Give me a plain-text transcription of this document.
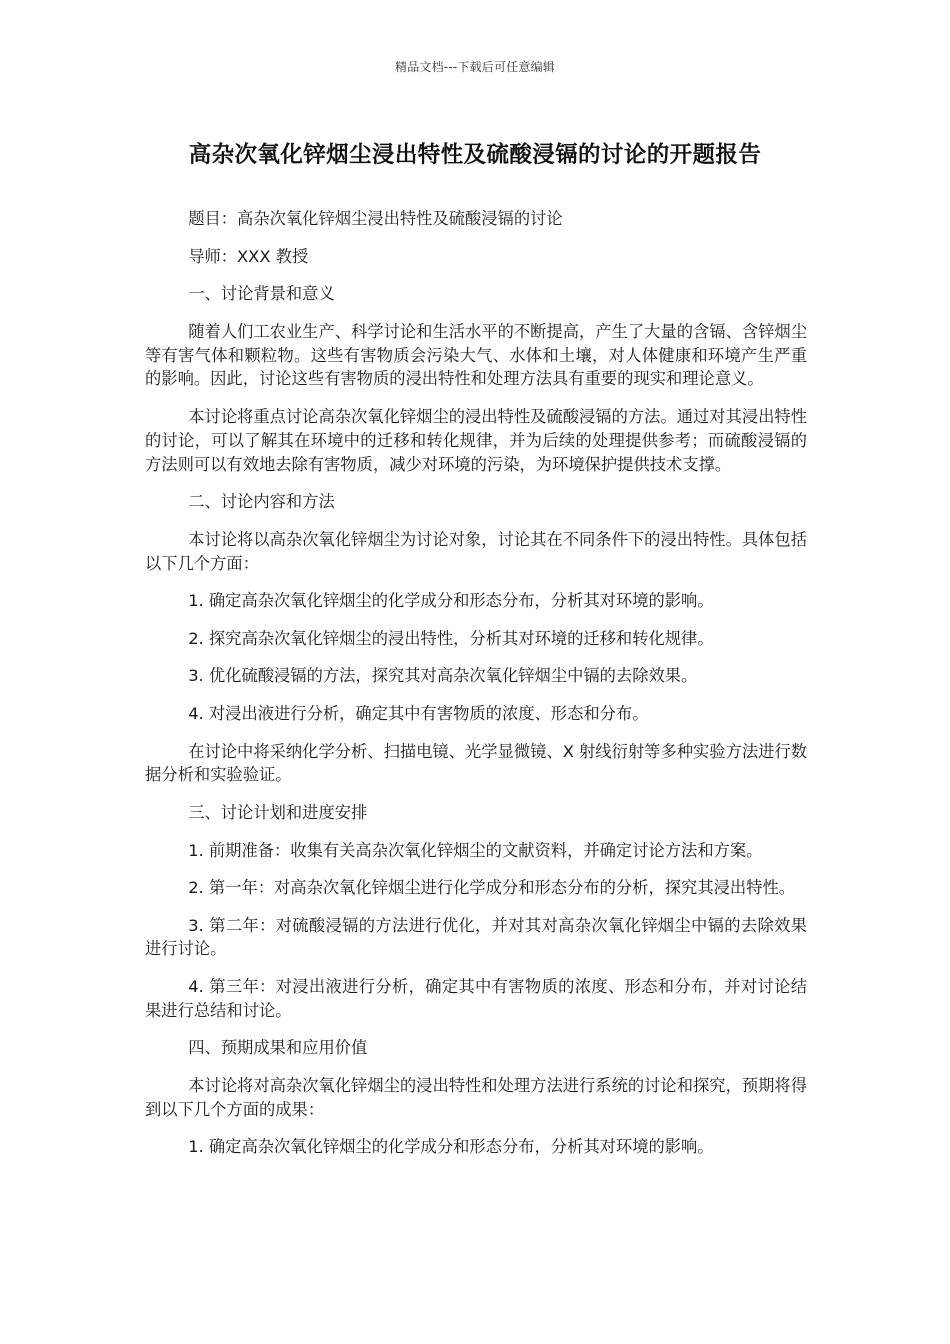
精品文档---下载后可任意编辑
高杂次氧化锌烟尘浸出特性及硫酸浸镉的讨论的开题报告

题目：高杂次氧化锌烟尘浸出特性及硫酸浸镉的讨论

导师：XXX 教授

一、讨论背景和意义

随着人们工农业生产、科学讨论和生活水平的不断提高，产生了大量的含镉、含锌烟尘等有害气体和颗粒物。这些有害物质会污染大气、水体和土壤，对人体健康和环境产生严重的影响。因此，讨论这些有害物质的浸出特性和处理方法具有重要的现实和理论意义。

本讨论将重点讨论高杂次氧化锌烟尘的浸出特性及硫酸浸镉的方法。通过对其浸出特性的讨论，可以了解其在环境中的迁移和转化规律，并为后续的处理提供参考；而硫酸浸镉的方法则可以有效地去除有害物质，减少对环境的污染，为环境保护提供技术支撑。

二、讨论内容和方法

本讨论将以高杂次氧化锌烟尘为讨论对象，讨论其在不同条件下的浸出特性。具体包括以下几个方面：

1. 确定高杂次氧化锌烟尘的化学成分和形态分布，分析其对环境的影响。

2. 探究高杂次氧化锌烟尘的浸出特性，分析其对环境的迁移和转化规律。

3. 优化硫酸浸镉的方法，探究其对高杂次氧化锌烟尘中镉的去除效果。

4. 对浸出液进行分析，确定其中有害物质的浓度、形态和分布。

在讨论中将采纳化学分析、扫描电镜、光学显微镜、X 射线衍射等多种实验方法进行数据分析和实验验证。

三、讨论计划和进度安排

1. 前期准备：收集有关高杂次氧化锌烟尘的文献资料，并确定讨论方法和方案。

2. 第一年：对高杂次氧化锌烟尘进行化学成分和形态分布的分析，探究其浸出特性。

3. 第二年：对硫酸浸镉的方法进行优化，并对其对高杂次氧化锌烟尘中镉的去除效果进行讨论。

4. 第三年：对浸出液进行分析，确定其中有害物质的浓度、形态和分布，并对讨论结果进行总结和讨论。

四、预期成果和应用价值

本讨论将对高杂次氧化锌烟尘的浸出特性和处理方法进行系统的讨论和探究，预期将得到以下几个方面的成果：

1. 确定高杂次氧化锌烟尘的化学成分和形态分布，分析其对环境的影响。
